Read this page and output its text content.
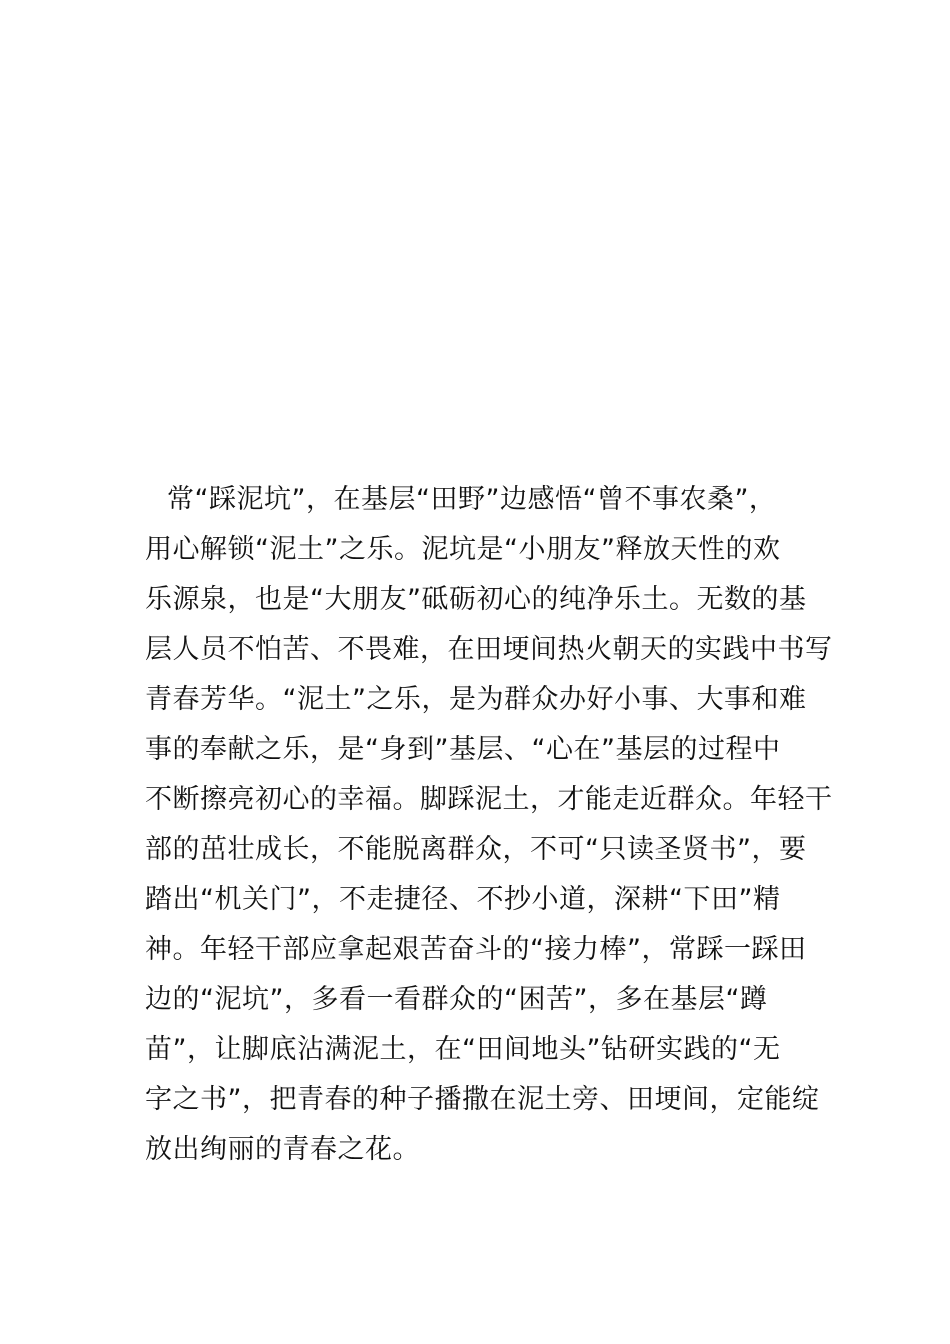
常“踩泥坑”，在基层“田野”边感悟“曾不事农桑”，
用心解锁“泥土”之乐。泥坑是“小朋友”释放天性的欢
乐源泉，也是“大朋友”砥砺初心的纯净乐土。无数的基
层人员不怕苦、不畏难，在田埂间热火朝天的实践中书写
青春芳华。“泥土”之乐，是为群众办好小事、大事和难
事的奉献之乐，是“身到”基层、“心在”基层的过程中
不断擦亮初心的幸福。脚踩泥土，才能走近群众。年轻干
部的茁壮成长，不能脱离群众，不可“只读圣贤书”，要
踏出“机关门”，不走捷径、不抄小道，深耕“下田”精
神。年轻干部应拿起艰苦奋斗的“接力棒”，常踩一踩田
边的“泥坑”，多看一看群众的“困苦”，多在基层“蹲
苗”，让脚底沾满泥土，在“田间地头”钻研实践的“无
字之书”，把青春的种子播撒在泥土旁、田埂间，定能绽
放出绚丽的青春之花。
